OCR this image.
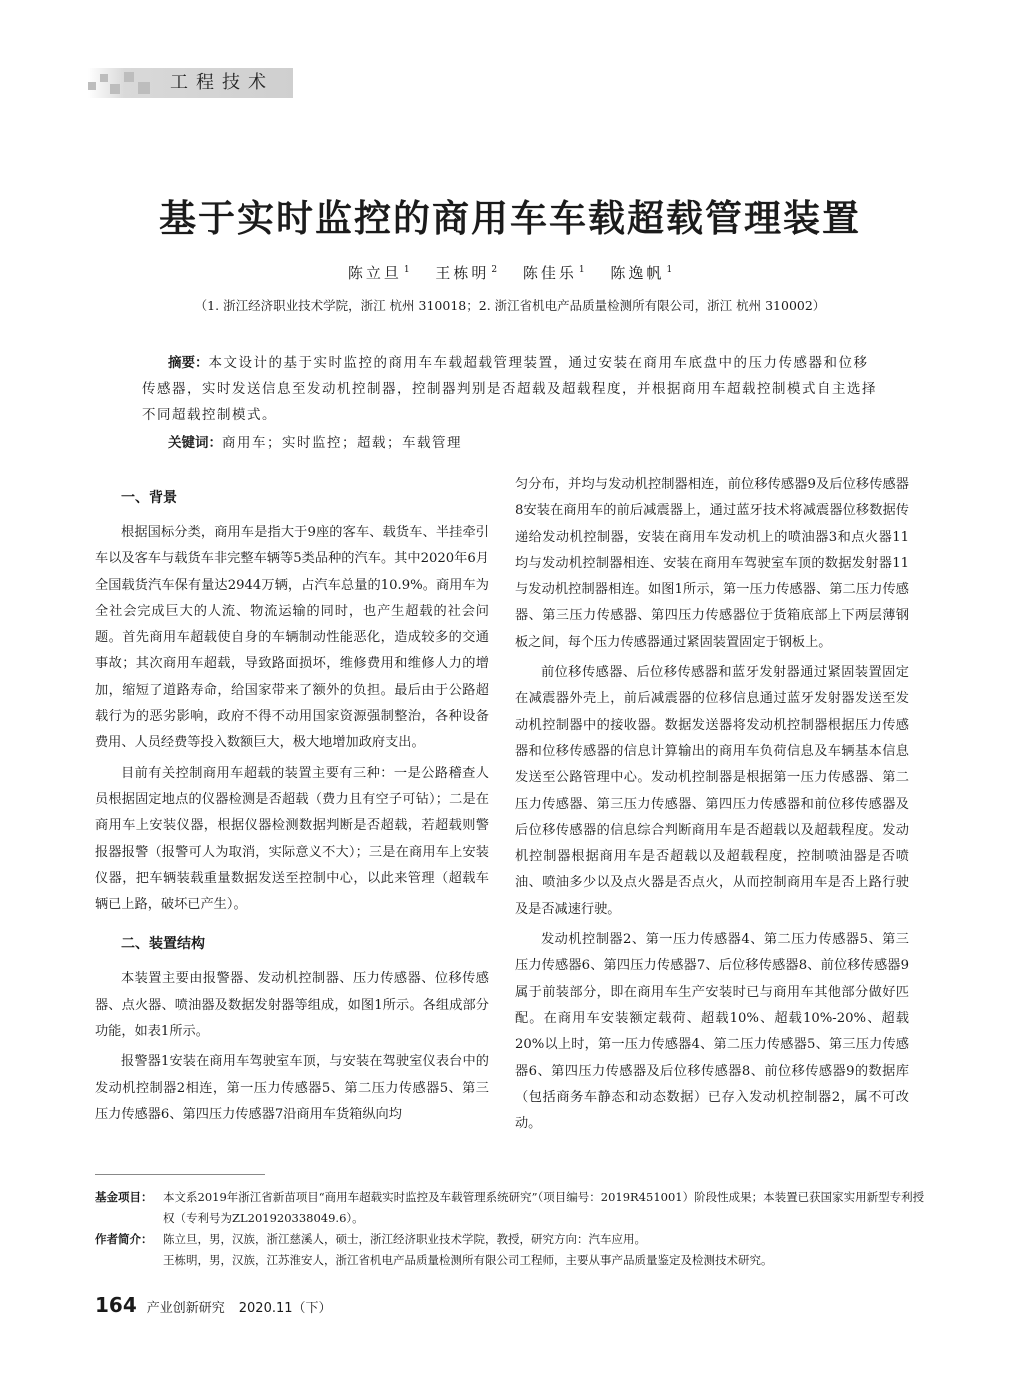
工程技术
基于实时监控的商用车车载超载管理装置
陈立旦 $^1$ 王栋明 $^2$ 陈佳乐 $^1$ 陈逸帆 $^1$
（1. 浙江经济职业技术学院，浙江 杭州 310018；2. 浙江省机电产品质量检测所有限公司，浙江 杭州 310002）

摘要：本文设计的基于实时监控的商用车车载超载管理装置，通过安装在商用车底盘中的压力传感器和位移传感器，实时发送信息至发动机控制器，控制器判别是否超载及超载程度，并根据商用车超载控制模式自主选择不同超载控制模式。

关键词：商用车；实时监控；超载；车载管理

一、背景

根据国标分类，商用车是指大于9座的客车、载货车、半挂牵引车以及客车与载货车非完整车辆等5类品种的汽车。其中2020年6月全国载货汽车保有量达2944万辆，占汽车总量的10.9%。商用车为全社会完成巨大的人流、物流运输的同时，也产生超载的社会问题。首先商用车超载使自身的车辆制动性能恶化，造成较多的交通事故；其次商用车超载，导致路面损坏，维修费用和维修人力的增加，缩短了道路寿命，给国家带来了额外的负担。最后由于公路超载行为的恶劣影响，政府不得不动用国家资源强制整治，各种设备费用、人员经费等投入数额巨大，极大地增加政府支出。

目前有关控制商用车超载的装置主要有三种：一是公路稽查人员根据固定地点的仪器检测是否超载（费力且有空子可钻）；二是在商用车上安装仪器，根据仪器检测数据判断是否超载，若超载则警报器报警（报警可人为取消，实际意义不大）；三是在商用车上安装仪器，把车辆装载重量数据发送至控制中心，以此来管理（超载车辆已上路，破坏已产生）。

二、装置结构

本装置主要由报警器、发动机控制器、压力传感器、位移传感器、点火器、喷油器及数据发射器等组成，如图1所示。各组成部分功能，如表1所示。

报警器1安装在商用车驾驶室车顶，与安装在驾驶室仪表台中的发动机控制器2相连，第一压力传感器5、第二压力传感器5、第三压力传感器6、第四压力传感器7沿商用车货箱纵向均

匀分布，并均与发动机控制器相连，前位移传感器9及后位移传感器8安装在商用车的前后减震器上，通过蓝牙技术将减震器位移数据传递给发动机控制器，安装在商用车发动机上的喷油器3和点火器11均与发动机控制器相连、安装在商用车驾驶室车顶的数据发射器11与发动机控制器相连。如图1所示，第一压力传感器、第二压力传感器、第三压力传感器、第四压力传感器位于货箱底部上下两层薄钢板之间，每个压力传感器通过紧固装置固定于钢板上。

前位移传感器、后位移传感器和蓝牙发射器通过紧固装置固定在减震器外壳上，前后减震器的位移信息通过蓝牙发射器发送至发动机控制器中的接收器。数据发送器将发动机控制器根据压力传感器和位移传感器的信息计算输出的商用车负荷信息及车辆基本信息发送至公路管理中心。发动机控制器是根据第一压力传感器、第二压力传感器、第三压力传感器、第四压力传感器和前位移传感器及后位移传感器的信息综合判断商用车是否超载以及超载程度。发动机控制器根据商用车是否超载以及超载程度，控制喷油器是否喷油、喷油多少以及点火器是否点火，从而控制商用车是否上路行驶及是否减速行驶。

发动机控制器2、第一压力传感器4、第二压力传感器5、第三压力传感器6、第四压力传感器7、后位移传感器8、前位移传感器9属于前装部分，即在商用车生产安装时已与商用车其他部分做好匹配。在商用车安装额定载荷、超载10%、超载10%-20%、超载20%以上时，第一压力传感器4、第二压力传感器5、第三压力传感器6、第四压力传感器及后位移传感器8、前位移传感器9的数据库（包括商务车静态和动态数据）已存入发动机控制器2，属不可改动。

基金项目： 本文系2019年浙江省新苗项目“商用车超载实时监控及车载管理系统研究”（项目编号：2019R451001）阶段性成果；本装置已获国家实用新型专利授权（专利号为ZL201920338049.6）。
作者简介： 陈立旦，男，汉族，浙江慈溪人，硕士，浙江经济职业技术学院，教授，研究方向：汽车应用。
王栋明，男，汉族，江苏淮安人，浙江省机电产品质量检测所有限公司工程师，主要从事产品质量鉴定及检测技术研究。
164 产业创新研究 2020.11（下）
